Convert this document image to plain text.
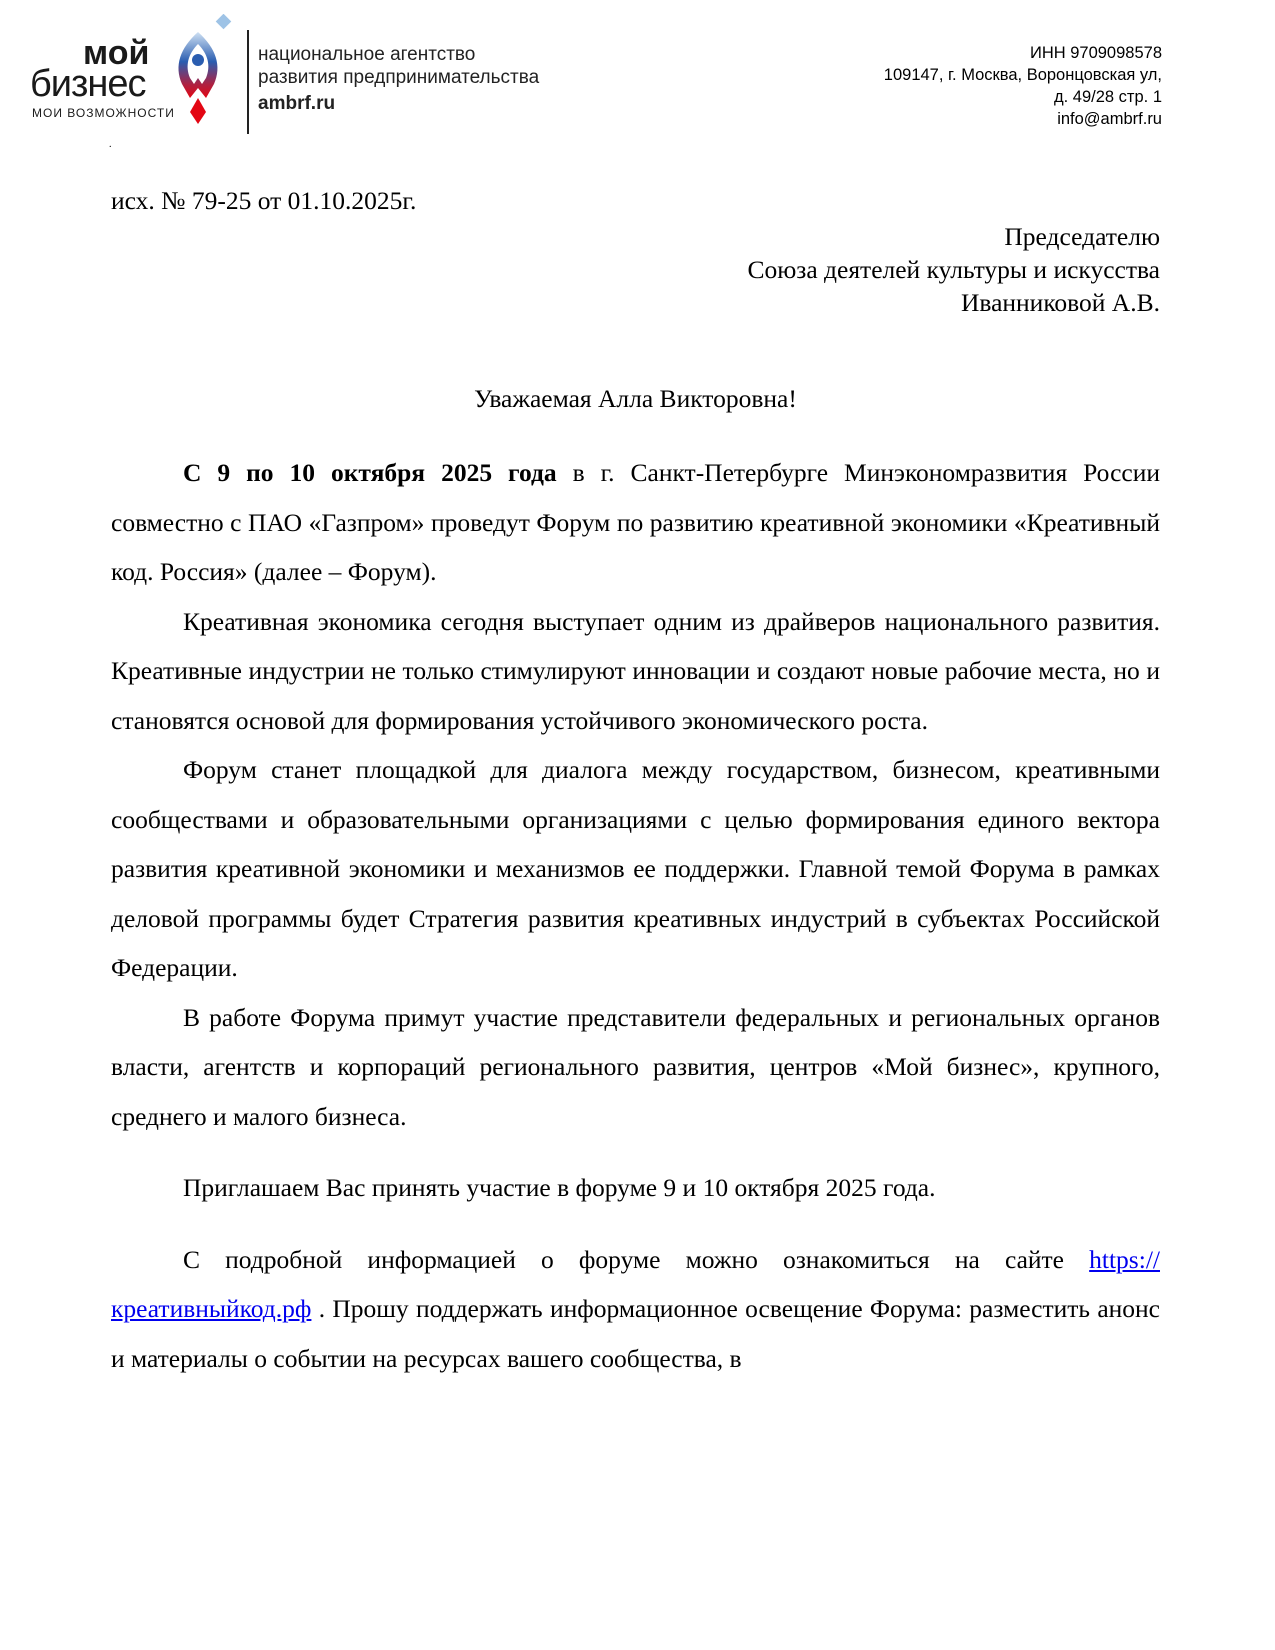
мой
бизнес
МОИ ВОЗМОЖНОСТИ
национальное агентство
развития предпринимательства
ambrf.ru
ИНН 9709098578
109147, г. Москва, Воронцовская ул,
д. 49/28 стр. 1
info@ambrf.ru
.
исх. № 79-25 от 01.10.2025г.
Председателю
Союза деятелей культуры и искусства
Иванниковой А.В.
Уважаемая Алла Викторовна!

С 9 по 10 октября 2025 года в г. Санкт-Петербурге Минэкономразвития России совместно с ПАО «Газпром» проведут Форум по развитию креативной экономики «Креативный код. Россия» (далее – Форум).

Креативная экономика сегодня выступает одним из драйверов национального развития. Креативные индустрии не только стимулируют инновации и создают новые рабочие места, но и становятся основой для формирования устойчивого экономического роста.

Форум станет площадкой для диалога между государством, бизнесом, креативными сообществами и образовательными организациями с целью формирования единого вектора развития креативной экономики и механизмов ее поддержки. Главной темой Форума в рамках деловой программы будет Стратегия развития креативных индустрий в субъектах Российской Федерации.

В работе Форума примут участие представители федеральных и региональных органов власти, агентств и корпораций регионального развития, центров «Мой бизнес», крупного, среднего и малого бизнеса.

Приглашаем Вас принять участие в форуме 9 и 10 октября 2025 года.

С подробной информацией о форуме можно ознакомиться на сайте https://креативныйкод.рф . Прошу поддержать информационное освещение Форума: разместить анонс и материалы о событии на ресурсах вашего сообщества, в
